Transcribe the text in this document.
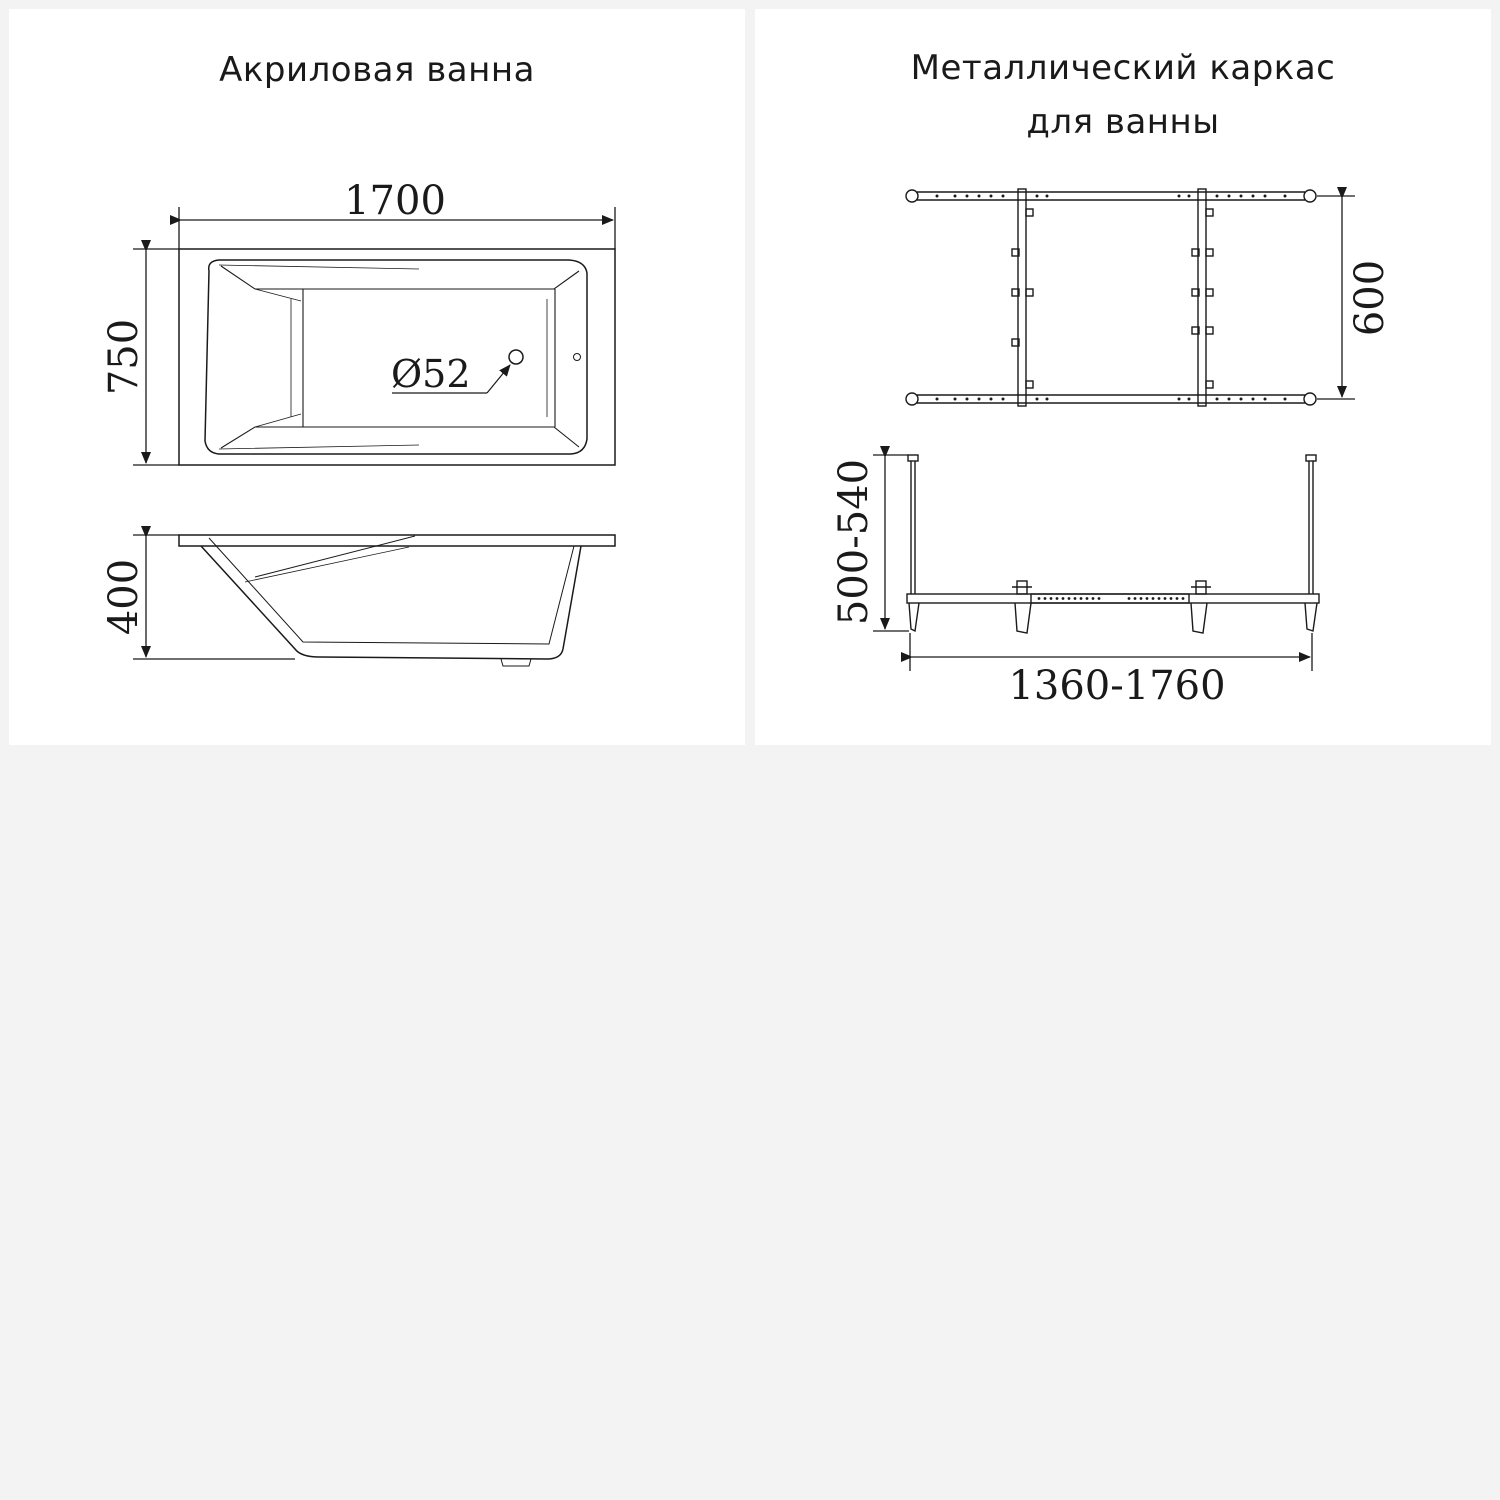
Акриловая ванна
Ø52
1700
750
400
Металлический каркас
для ванны
600
500-540
1360-1760
